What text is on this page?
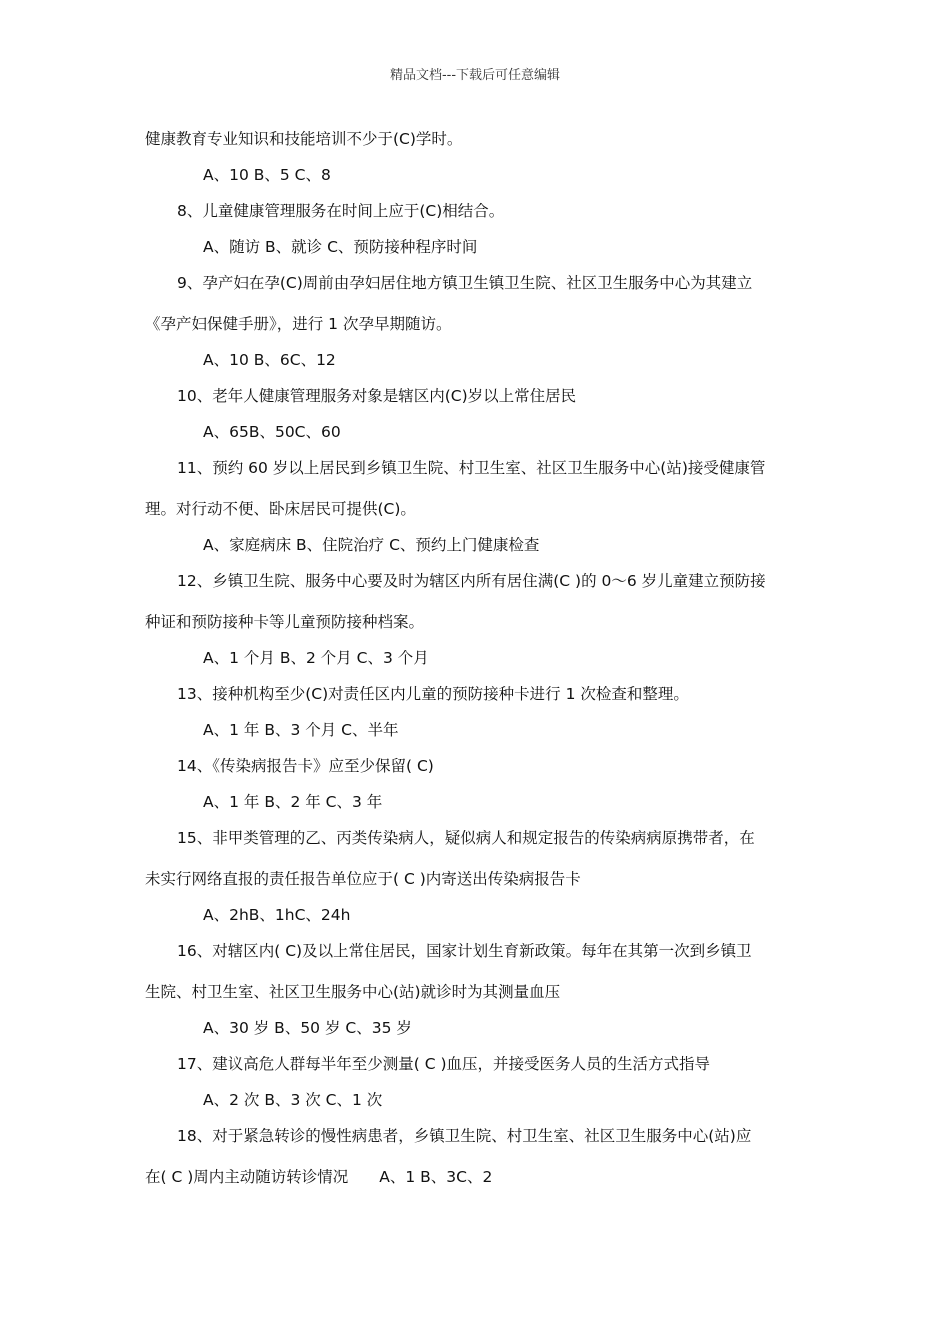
精品文档---下载后可任意编辑
健康教育专业知识和技能培训不少于(C)学时。
A、10 B、5 C、8
8、儿童健康管理服务在时间上应于(C)相结合。
A、随访 B、就诊 C、预防接种程序时间
9、孕产妇在孕(C)周前由孕妇居住地方镇卫生镇卫生院、社区卫生服务中心为其建立
《孕产妇保健手册》，进行 1 次孕早期随访。
A、10 B、6C、12
10、老年人健康管理服务对象是辖区内(C)岁以上常住居民
A、65B、50C、60
11、预约 60 岁以上居民到乡镇卫生院、村卫生室、社区卫生服务中心(站)接受健康管
理。对行动不便、卧床居民可提供(C)。
A、家庭病床 B、住院治疗 C、预约上门健康检查
12、乡镇卫生院、服务中心要及时为辖区内所有居住满(C )的 0～6 岁儿童建立预防接
种证和预防接种卡等儿童预防接种档案。
A、1 个月 B、2 个月 C、3 个月
13、接种机构至少(C)对责任区内儿童的预防接种卡进行 1 次检查和整理。
A、1 年 B、3 个月 C、半年
14、《传染病报告卡》应至少保留( C)
A、1 年 B、2 年 C、3 年
15、非甲类管理的乙、丙类传染病人，疑似病人和规定报告的传染病病原携带者，在
未实行网络直报的责任报告单位应于( C )内寄送出传染病报告卡
A、2hB、1hC、24h
16、对辖区内( C)及以上常住居民，国家计划生育新政策。每年在其第一次到乡镇卫
生院、村卫生室、社区卫生服务中心(站)就诊时为其测量血压
A、30 岁 B、50 岁 C、35 岁
17、建议高危人群每半年至少测量( C )血压，并接受医务人员的生活方式指导
A、2 次 B、3 次 C、1 次
18、对于紧急转诊的慢性病患者，乡镇卫生院、村卫生室、社区卫生服务中心(站)应
在( C )周内主动随访转诊情况　　A、1 B、3C、2
